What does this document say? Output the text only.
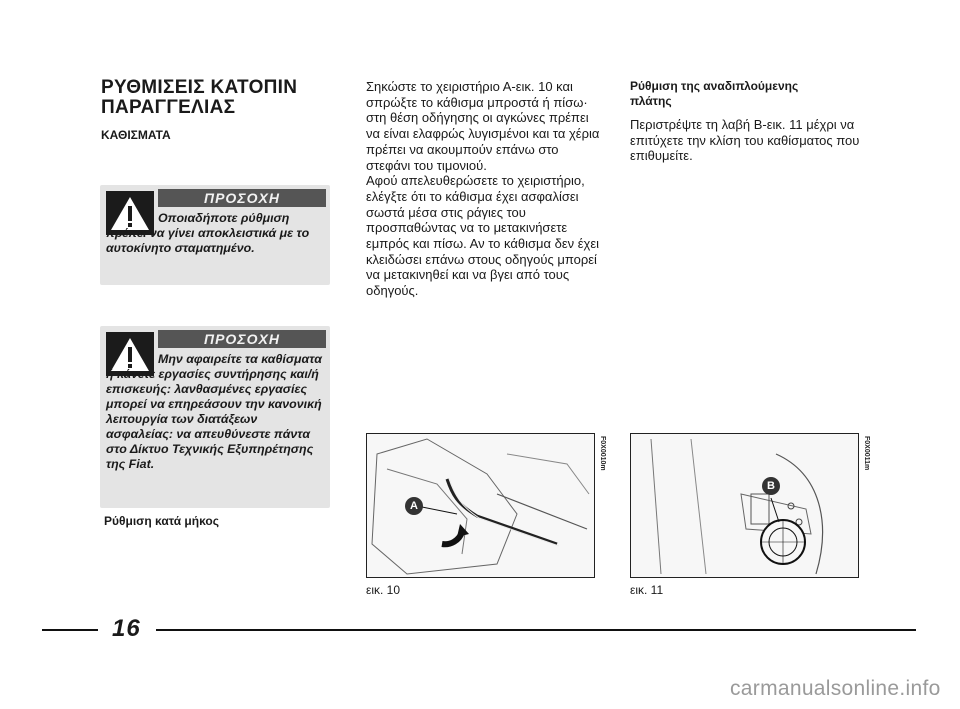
ΡΥΘΜΙΣΕΙΣ ΚΑΤΟΠΙΝ ΠΑΡΑΓΓΕΛΙΑΣ
ΚΑΘΙΣΜΑΤΑ
ΠΡΟΣΟΧΗ
Οποιαδήποτε ρύθμιση πρέπει να γίνει αποκλειστικά με το αυτοκίνητο σταματημένο.
ΠΡΟΣΟΧΗ
Μην αφαιρείτε τα καθίσματα ή κάνετε εργασίες συντήρησης και/ή επισκευής: λανθασμένες εργασίες μπορεί να επηρεάσουν την κανονική λειτουργία των διατάξεων ασφαλείας: να απευθύνεστε πάντα στο Δίκτυο Τεχνικής Εξυπηρέτησης της Fiat.
Ρύθμιση κατά μήκος
Σηκώστε το χειριστήριο Α-εικ. 10 και σπρώξτε το κάθισμα μπροστά ή πίσω· στη θέση οδήγησης οι αγκώνες πρέπει να είναι ελαφρώς λυγισμένοι και τα χέρια πρέπει να ακουμπούν επάνω στο στεφάνι του τιμονιού.
Αφού απελευθερώσετε το χειριστήριο, ελέγξτε ότι το κάθισμα έχει ασφαλίσει σωστά μέσα στις ράγιες του προσπαθώντας να το μετακινήσετε εμπρός και πίσω. Αν το κάθισμα δεν έχει κλειδώσει επάνω στους οδηγούς μπορεί να μετακινηθεί και να βγει από τους οδηγούς.
Ρύθμιση της αναδιπλούμενης πλάτης
Περιστρέψτε τη λαβή Β-εικ. 11 μέχρι να επιτύχετε την κλίση του καθίσματος που επιθυμείτε.
A
F0X0010m
εικ. 10
B
F0X0011m
εικ. 11
16
carmanualsonline.info
